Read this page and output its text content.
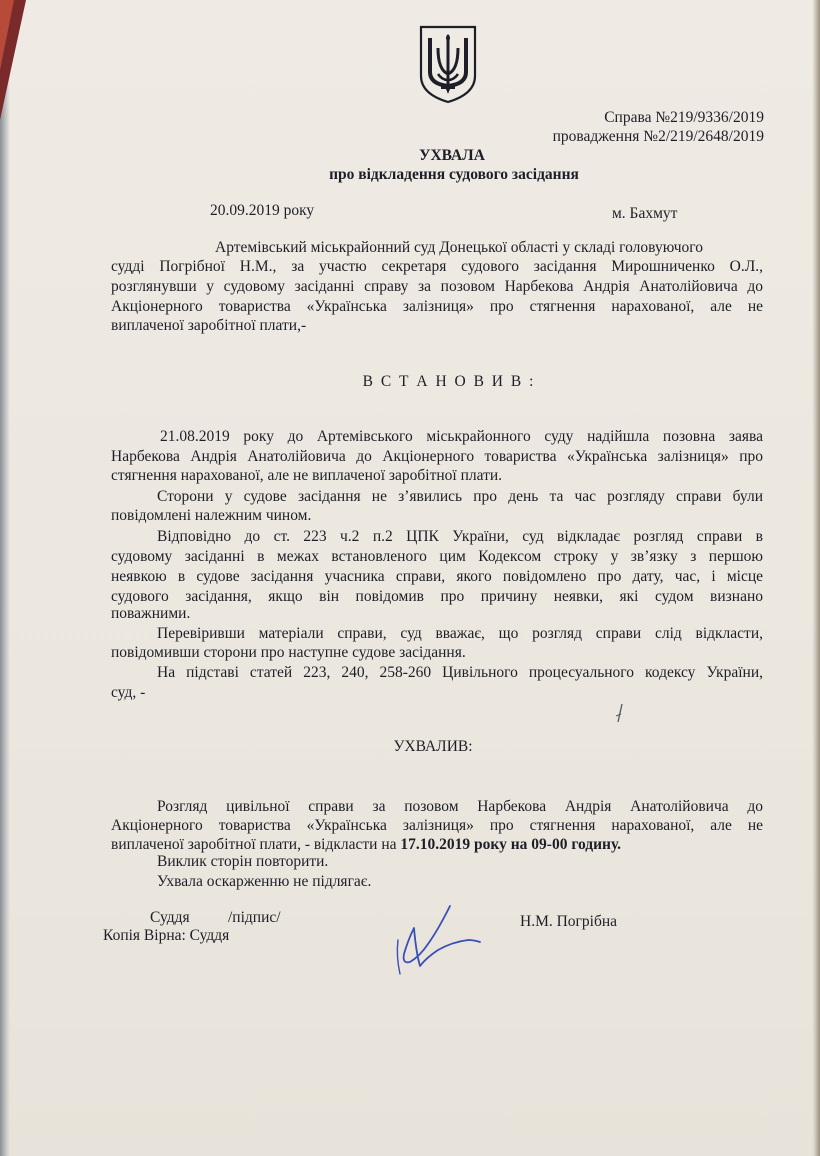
Справа №219/9336/2019
провадження №2/219/2648/2019
УХВАЛА
про відкладення судового засідання
20.09.2019 року	м. Бахмут
Артемівський міськрайонний суд Донецької області у складі головуючого
судді Погрібної Н.М., за участю секретаря судового засідання Мирошниченко О.Л.,
розглянувши у судовому засіданні справу за позовом Нарбекова Андрія Анатолійовича до
Акціонерного товариства «Українська залізниця» про стягнення нарахованої, але не
виплаченої заробітної плати,-
В С Т А Н О В И В :
21.08.2019 року до Артемівського міськрайонного суду надійшла позовна заява
Нарбекова Андрія Анатолійовича до Акціонерного товариства «Українська залізниця» про
стягнення нарахованої, але не виплаченої заробітної плати.
Сторони у судове засідання не з’явились про день та час розгляду справи були
повідомлені належним чином.
Відповідно до ст. 223 ч.2 п.2 ЦПК України, суд відкладає розгляд справи в
судовому засіданні в межах встановленого цим Кодексом строку у зв’язку з першою
неявкою в судове засідання учасника справи, якого повідомлено про дату, час, і місце
судового засідання, якщо він повідомив про причину неявки, які судом визнано
поважними.
Перевіривши матеріали справи, суд вважає, що розгляд справи слід відкласти,
повідомивши сторони про наступне судове засідання.
На підставі статей 223, 240, 258-260 Цивільного процесуального кодексу України,
суд, -
УХВАЛИВ:
Розгляд цивільної справи за позовом Нарбекова Андрія Анатолійовича до
Акціонерного товариства «Українська залізниця» про стягнення нарахованої, але не
виплаченої заробітної плати, - відкласти на 17.10.2019 року на 09-00 годину.
Виклик сторін повторити.
Ухвала оскарженню не підлягає.
Суддя /підпис/	Н.М. Погрібна
Копія Вірна: Суддя
